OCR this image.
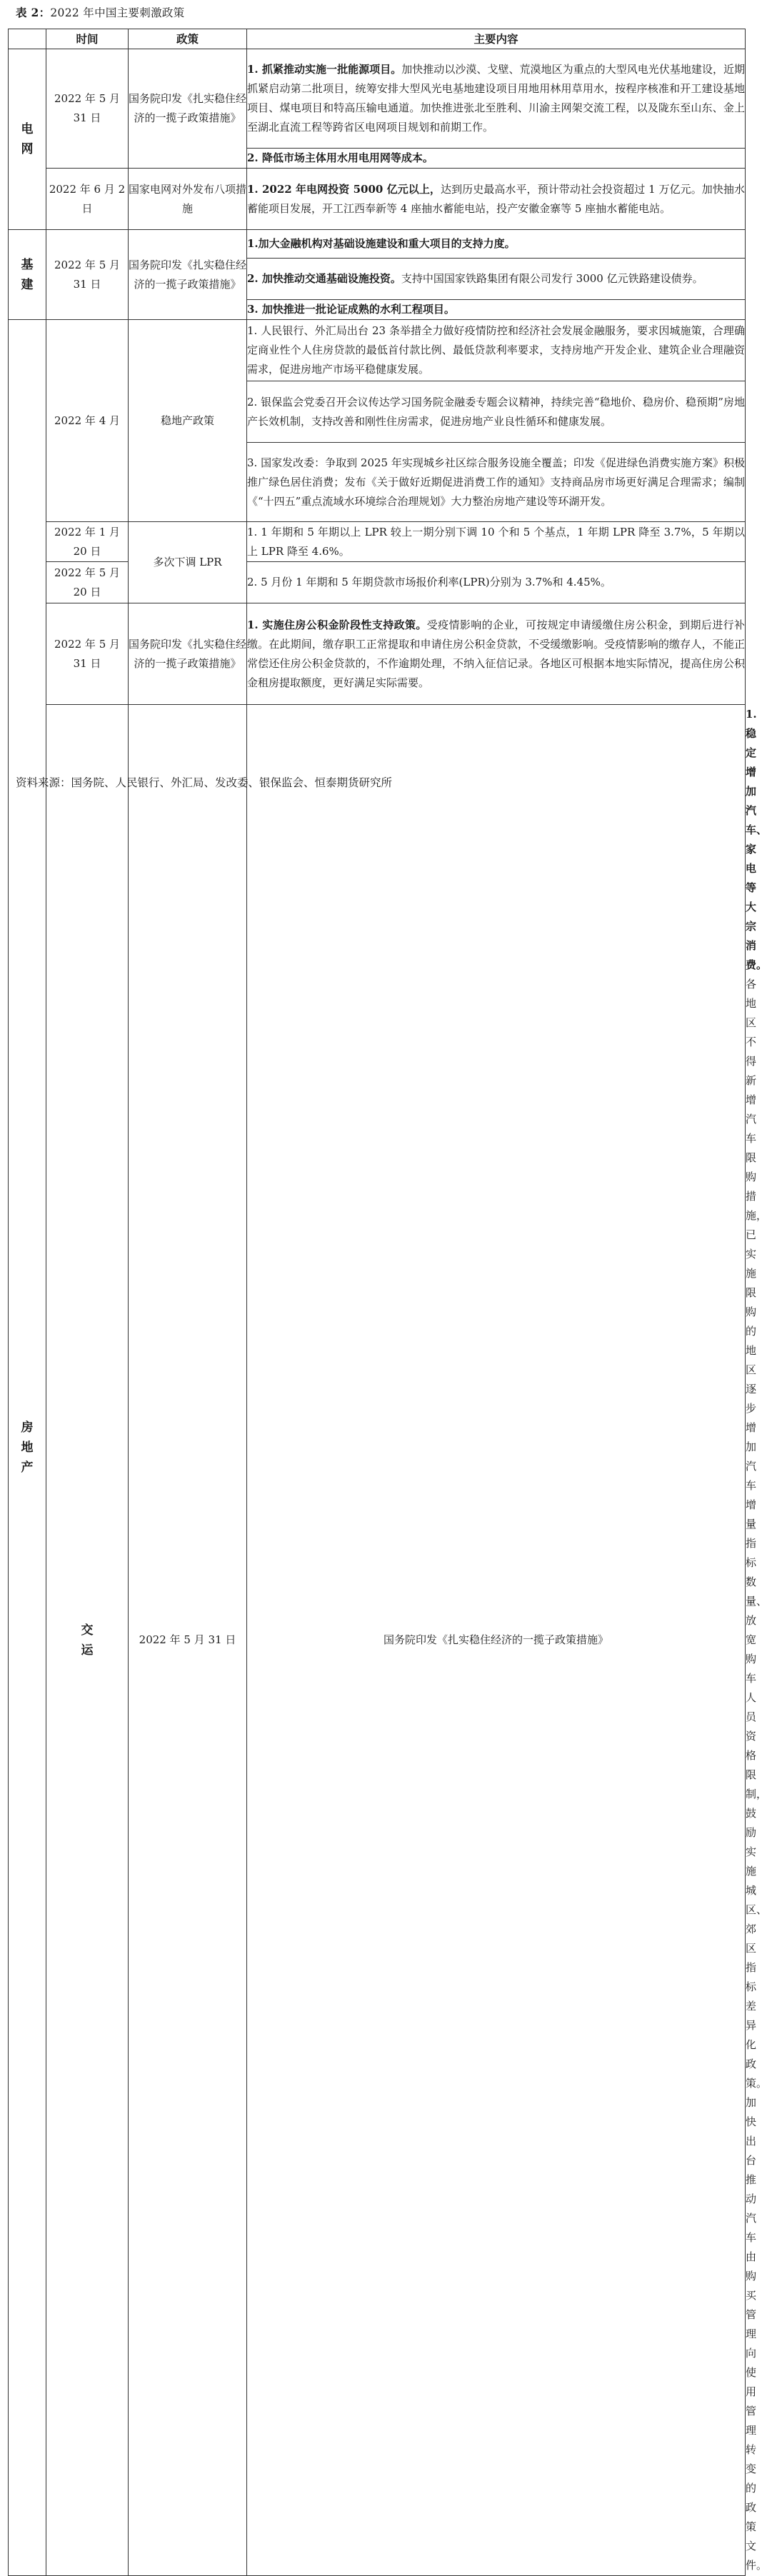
表 2：2022 年中国主要刺激政策
	时间	政策	主要内容	

电网	2022 年 5 月 31 日	国务院印发《扎实稳住经济的一揽子政策措施》	1. 抓紧推动实施一批能源项目。加快推动以沙漠、戈壁、荒漠地区为重点的大型风电光伏基地建设，近期抓紧启动第二批项目，统筹安排大型风光电基地建设项目用地用林用草用水，按程序核准和开工建设基地项目、煤电项目和特高压输电通道。加快推进张北至胜利、川渝主网架交流工程，以及陇东至山东、金上至湖北直流工程等跨省区电网项目规划和前期工作。	
			2. 降低市场主体用水用电用网等成本。	
	2022 年 6 月 2 日	国家电网对外发布八项措施	1. 2022 年电网投资 5000 亿元以上，达到历史最高水平，预计带动社会投资超过 1 万亿元。加快抽水蓄能项目发展，开工江西奉新等 4 座抽水蓄能电站，投产安徽金寨等 5 座抽水蓄能电站。	

基建	2022 年 5 月 31 日	国务院印发《扎实稳住经济的一揽子政策措施》	1.加大金融机构对基础设施建设和重大项目的支持力度。	
			2. 加快推动交通基础设施投资。支持中国国家铁路集团有限公司发行 3000 亿元铁路建设债券。	
			3. 加快推进一批论证成熟的水利工程项目。	

房地产	2022 年 4 月	稳地产政策	1. 人民银行、外汇局出台 23 条举措全力做好疫情防控和经济社会发展金融服务，要求因城施策，合理确定商业性个人住房贷款的最低首付款比例、最低贷款利率要求，支持房地产开发企业、建筑企业合理融资需求，促进房地产市场平稳健康发展。	
			2. 银保监会党委召开会议传达学习国务院金融委专题会议精神，持续完善“稳地价、稳房价、稳预期”房地产长效机制，支持改善和刚性住房需求，促进房地产业良性循环和健康发展。	
			3. 国家发改委：争取到 2025 年实现城乡社区综合服务设施全覆盖；印发《促进绿色消费实施方案》积极推广绿色居住消费；发布《关于做好近期促进消费工作的通知》支持商品房市场更好满足合理需求；编制《“十四五”重点流域水环境综合治理规划》大力整治房地产建设等环湖开发。	
	2022 年 1 月 20 日	多次下调 LPR	1. 1 年期和 5 年期以上 LPR 较上一期分别下调 10 个和 5 个基点，1 年期 LPR 降至 3.7%，5 年期以上 LPR 降至 4.6%。	
	2022 年 5 月 20 日		2. 5 月份 1 年期和 5 年期贷款市场报价利率(LPR)分别为 3.7%和 4.45%。	
	2022 年 5 月 31 日	国务院印发《扎实稳住经济的一揽子政策措施》	1. 实施住房公积金阶段性支持政策。受疫情影响的企业，可按规定申请缓缴住房公积金，到期后进行补缴。在此期间，缴存职工正常提取和申请住房公积金贷款，不受缓缴影响。受疫情影响的缴存人，不能正常偿还住房公积金贷款的，不作逾期处理，不纳入征信记录。各地区可根据本地实际情况，提高住房公积金租房提取额度，更好满足实际需要。	

	交运	2022 年 5 月 31 日	国务院印发《扎实稳住经济的一揽子政策措施》	1. 稳定增加汽车、家电等大宗消费。各地区不得新增汽车限购措施，已实施限购的地区逐步增加汽车增量指标数量、放宽购车人员资格限制，鼓励实施城区、郊区指标差异化政策。加快出台推动汽车由购买管理向使用管理转变的政策文件。
资料来源：国务院、人民银行、外汇局、发改委、银保监会、恒泰期货研究所
